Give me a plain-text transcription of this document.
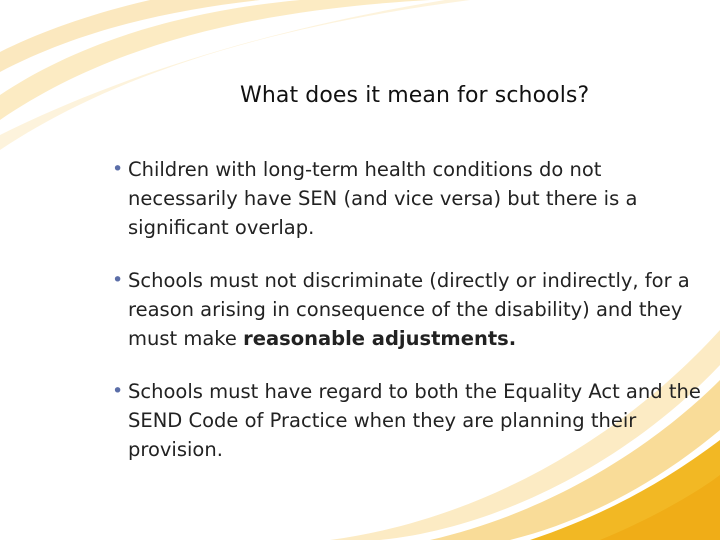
What does it mean for schools?
• Children with long-term health conditions do not necessarily have SEN (and vice versa) but there is a significant overlap.
• Schools must not discriminate (directly or indirectly, for a reason arising in consequence of the disability) and they must make reasonable adjustments.
• Schools must have regard to both the Equality Act and the SEND Code of Practice when they are planning their provision.
